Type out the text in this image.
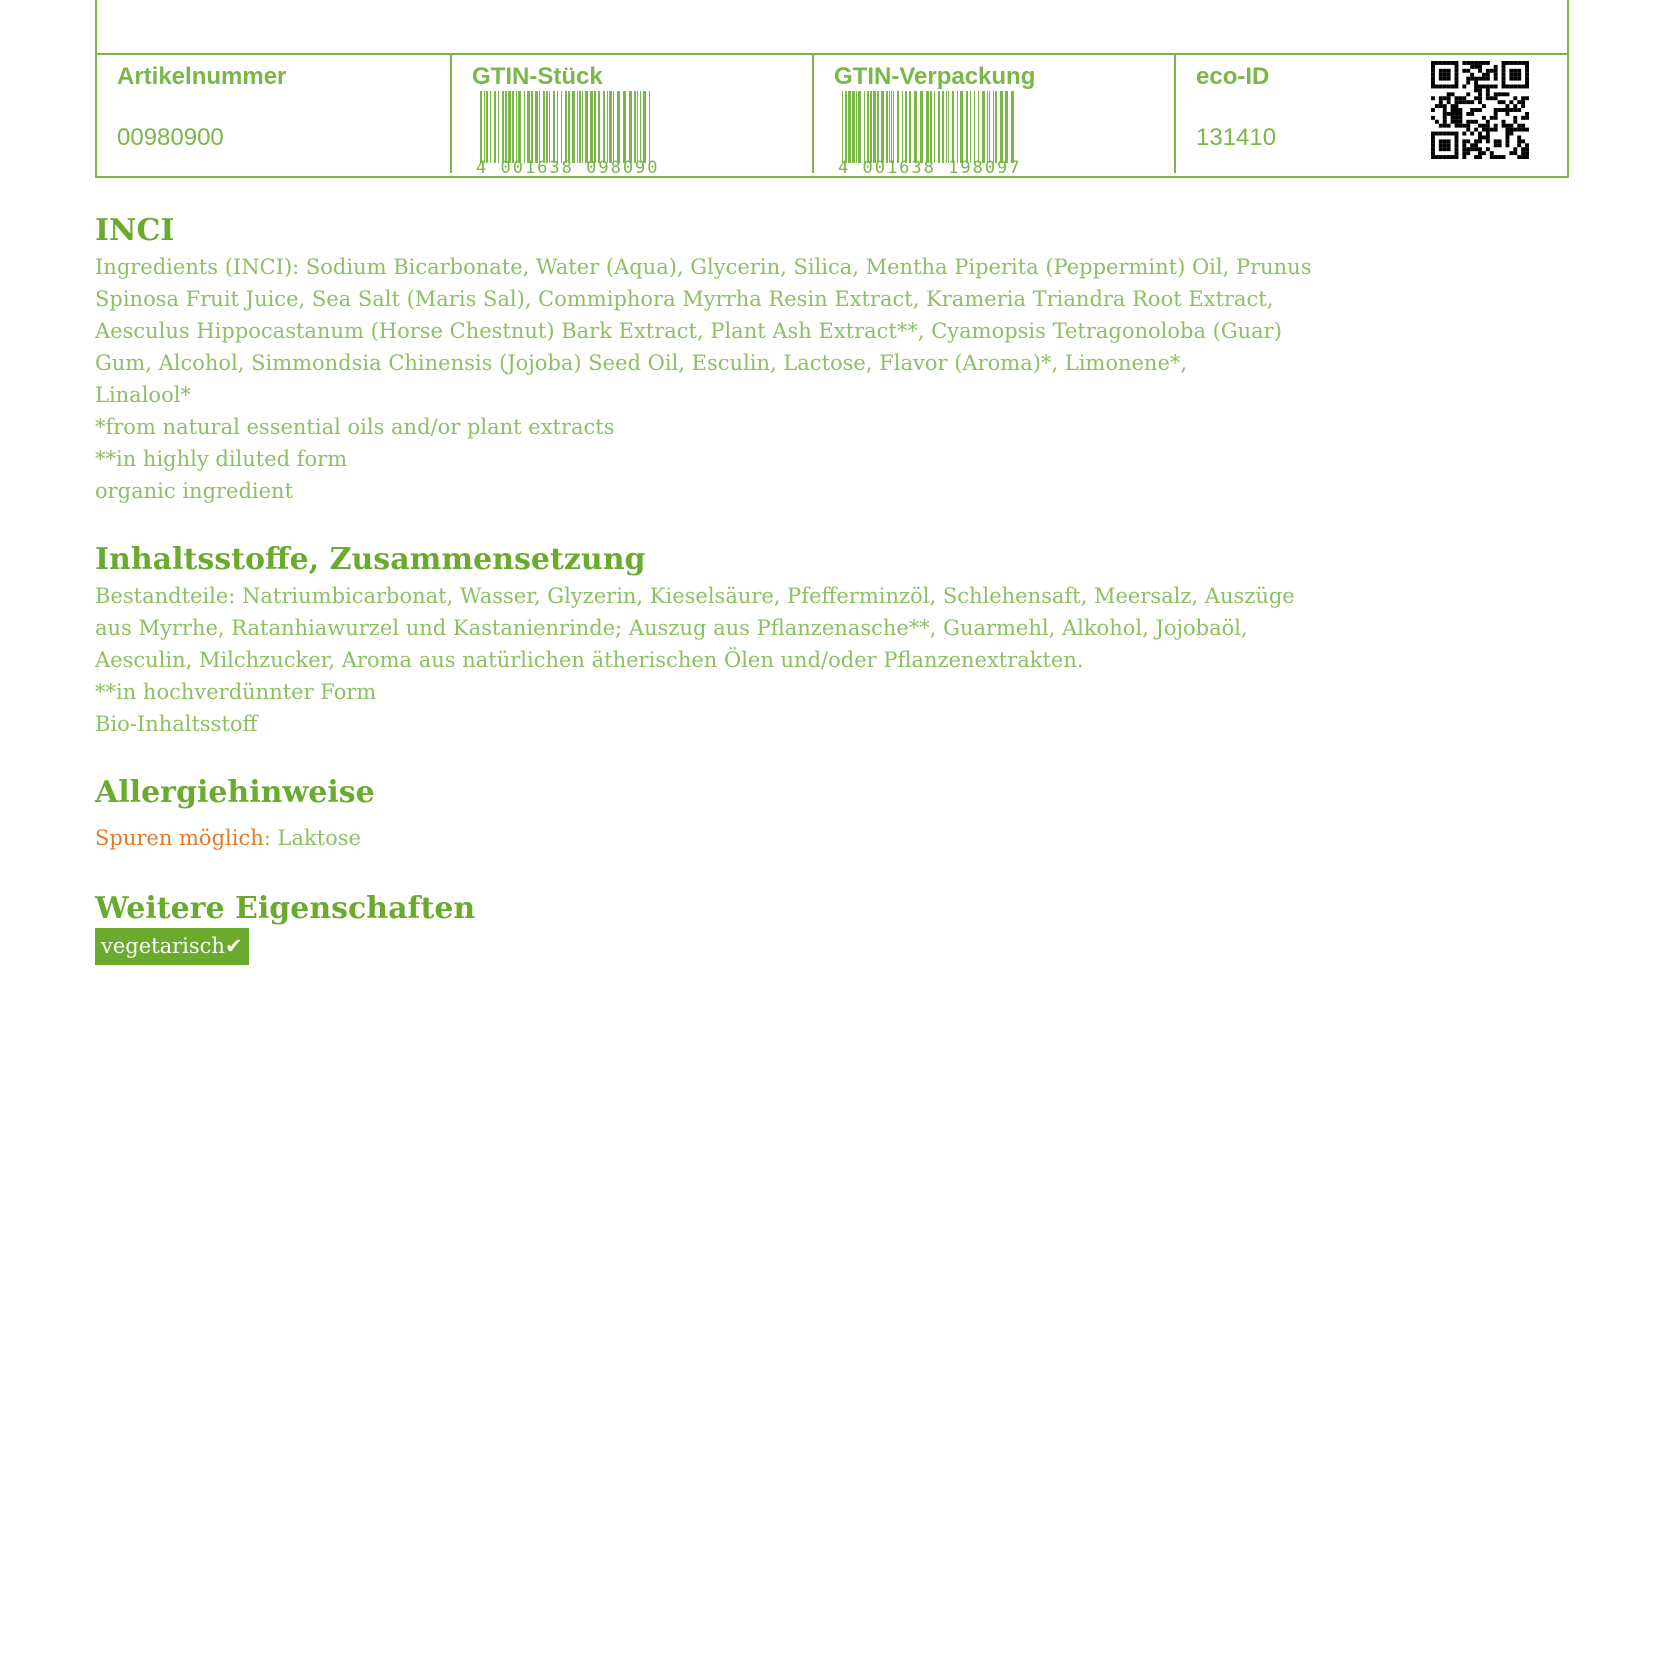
Artikelnummer
00980900
GTIN-Stück
4 001638 098090
GTIN-Verpackung
4 001638 198097
eco-ID
131410
INCI

Ingredients (INCI): Sodium Bicarbonate, Water (Aqua), Glycerin, Silica, Mentha Piperita (Peppermint) Oil, Prunus

Spinosa Fruit Juice, Sea Salt (Maris Sal), Commiphora Myrrha Resin Extract, Krameria Triandra Root Extract,

Aesculus Hippocastanum (Horse Chestnut) Bark Extract, Plant Ash Extract**, Cyamopsis Tetragonoloba (Guar)

Gum, Alcohol, Simmondsia Chinensis (Jojoba) Seed Oil, Esculin, Lactose, Flavor (Aroma)*, Limonene*,

Linalool*

*from natural essential oils and/or plant extracts

**in highly diluted form

organic ingredient

Inhaltsstoffe, Zusammensetzung

Bestandteile: Natriumbicarbonat, Wasser, Glyzerin, Kieselsäure, Pfefferminzöl, Schlehensaft, Meersalz, Auszüge

aus Myrrhe, Ratanhiawurzel und Kastanienrinde; Auszug aus Pflanzenasche**, Guarmehl, Alkohol, Jojobaöl,

Aesculin, Milchzucker, Aroma aus natürlichen ätherischen Ölen und/oder Pflanzenextrakten.

**in hochverdünnter Form

Bio-Inhaltsstoff

Allergiehinweise

Spuren möglich: Laktose

Weitere Eigenschaften
vegetarisch✔
